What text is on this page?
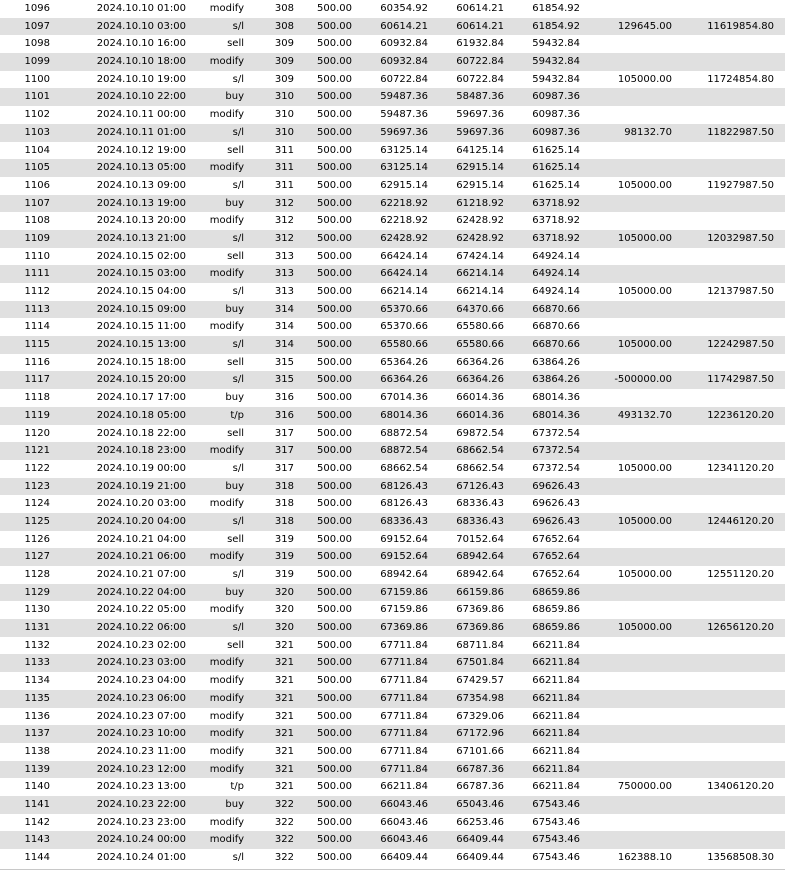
1096	2024.10.10 01:00	modify	308	500.00	60354.92	60614.21	61854.92
1097	2024.10.10 03:00	s/l	308	500.00	60614.21	60614.21	61854.92	129645.00	11619854.80
1098	2024.10.10 16:00	sell	309	500.00	60932.84	61932.84	59432.84
1099	2024.10.10 18:00	modify	309	500.00	60932.84	60722.84	59432.84
1100	2024.10.10 19:00	s/l	309	500.00	60722.84	60722.84	59432.84	105000.00	11724854.80
1101	2024.10.10 22:00	buy	310	500.00	59487.36	58487.36	60987.36
1102	2024.10.11 00:00	modify	310	500.00	59487.36	59697.36	60987.36
1103	2024.10.11 01:00	s/l	310	500.00	59697.36	59697.36	60987.36	98132.70	11822987.50
1104	2024.10.12 19:00	sell	311	500.00	63125.14	64125.14	61625.14
1105	2024.10.13 05:00	modify	311	500.00	63125.14	62915.14	61625.14
1106	2024.10.13 09:00	s/l	311	500.00	62915.14	62915.14	61625.14	105000.00	11927987.50
1107	2024.10.13 19:00	buy	312	500.00	62218.92	61218.92	63718.92
1108	2024.10.13 20:00	modify	312	500.00	62218.92	62428.92	63718.92
1109	2024.10.13 21:00	s/l	312	500.00	62428.92	62428.92	63718.92	105000.00	12032987.50
1110	2024.10.15 02:00	sell	313	500.00	66424.14	67424.14	64924.14
1111	2024.10.15 03:00	modify	313	500.00	66424.14	66214.14	64924.14
1112	2024.10.15 04:00	s/l	313	500.00	66214.14	66214.14	64924.14	105000.00	12137987.50
1113	2024.10.15 09:00	buy	314	500.00	65370.66	64370.66	66870.66
1114	2024.10.15 11:00	modify	314	500.00	65370.66	65580.66	66870.66
1115	2024.10.15 13:00	s/l	314	500.00	65580.66	65580.66	66870.66	105000.00	12242987.50
1116	2024.10.15 18:00	sell	315	500.00	65364.26	66364.26	63864.26
1117	2024.10.15 20:00	s/l	315	500.00	66364.26	66364.26	63864.26	-500000.00	11742987.50
1118	2024.10.17 17:00	buy	316	500.00	67014.36	66014.36	68014.36
1119	2024.10.18 05:00	t/p	316	500.00	68014.36	66014.36	68014.36	493132.70	12236120.20
1120	2024.10.18 22:00	sell	317	500.00	68872.54	69872.54	67372.54
1121	2024.10.18 23:00	modify	317	500.00	68872.54	68662.54	67372.54
1122	2024.10.19 00:00	s/l	317	500.00	68662.54	68662.54	67372.54	105000.00	12341120.20
1123	2024.10.19 21:00	buy	318	500.00	68126.43	67126.43	69626.43
1124	2024.10.20 03:00	modify	318	500.00	68126.43	68336.43	69626.43
1125	2024.10.20 04:00	s/l	318	500.00	68336.43	68336.43	69626.43	105000.00	12446120.20
1126	2024.10.21 04:00	sell	319	500.00	69152.64	70152.64	67652.64
1127	2024.10.21 06:00	modify	319	500.00	69152.64	68942.64	67652.64
1128	2024.10.21 07:00	s/l	319	500.00	68942.64	68942.64	67652.64	105000.00	12551120.20
1129	2024.10.22 04:00	buy	320	500.00	67159.86	66159.86	68659.86
1130	2024.10.22 05:00	modify	320	500.00	67159.86	67369.86	68659.86
1131	2024.10.22 06:00	s/l	320	500.00	67369.86	67369.86	68659.86	105000.00	12656120.20
1132	2024.10.23 02:00	sell	321	500.00	67711.84	68711.84	66211.84
1133	2024.10.23 03:00	modify	321	500.00	67711.84	67501.84	66211.84
1134	2024.10.23 04:00	modify	321	500.00	67711.84	67429.57	66211.84
1135	2024.10.23 06:00	modify	321	500.00	67711.84	67354.98	66211.84
1136	2024.10.23 07:00	modify	321	500.00	67711.84	67329.06	66211.84
1137	2024.10.23 10:00	modify	321	500.00	67711.84	67172.96	66211.84
1138	2024.10.23 11:00	modify	321	500.00	67711.84	67101.66	66211.84
1139	2024.10.23 12:00	modify	321	500.00	67711.84	66787.36	66211.84
1140	2024.10.23 13:00	t/p	321	500.00	66211.84	66787.36	66211.84	750000.00	13406120.20
1141	2024.10.23 22:00	buy	322	500.00	66043.46	65043.46	67543.46
1142	2024.10.23 23:00	modify	322	500.00	66043.46	66253.46	67543.46
1143	2024.10.24 00:00	modify	322	500.00	66043.46	66409.44	67543.46
1144	2024.10.24 01:00	s/l	322	500.00	66409.44	66409.44	67543.46	162388.10	13568508.30
